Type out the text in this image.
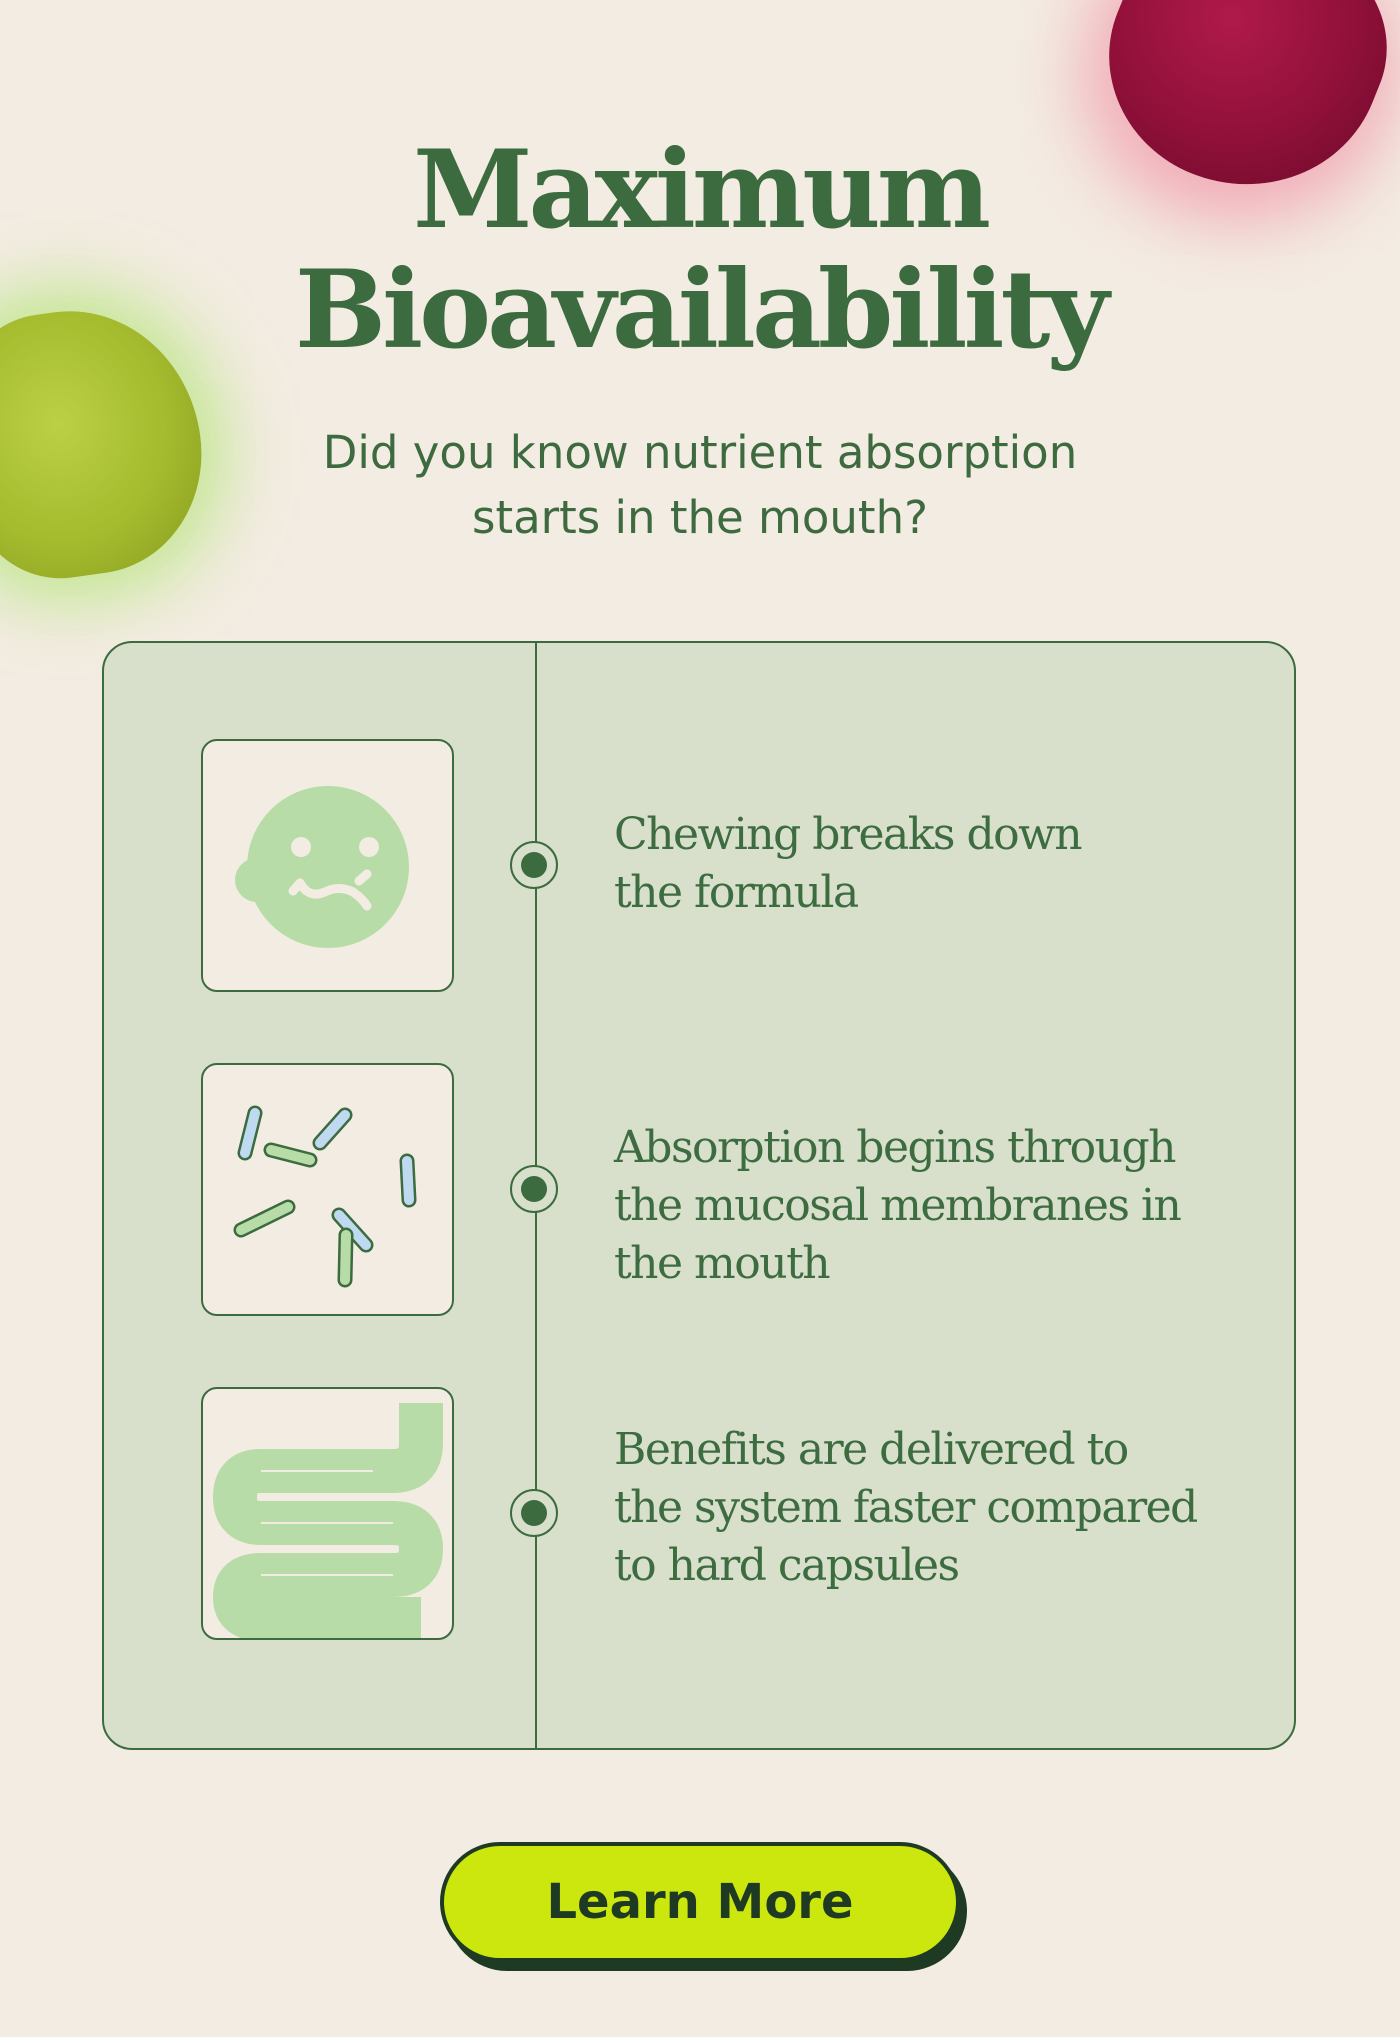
Maximum
Bioavailability

Did you know nutrient absorption
starts in the mouth?

Chewing breaks down
the formula

Absorption begins through
the mucosal membranes in
the mouth

Benefits are delivered to
the system faster compared
to hard capsules

Learn More
